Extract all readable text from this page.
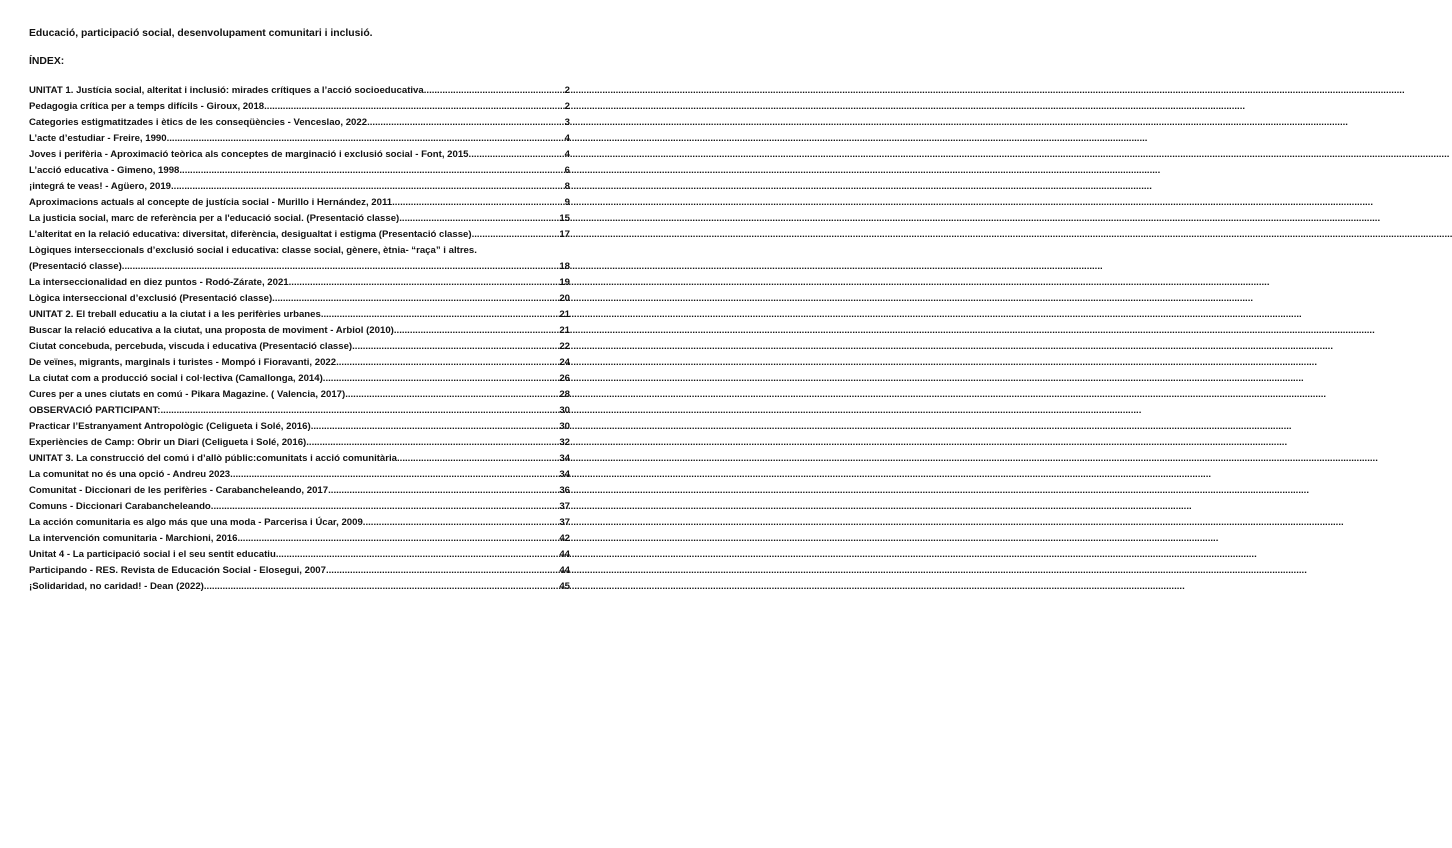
Educació, participació social, desenvolupament comunitari i inclusió.
ÍNDEX:
UNITAT 1. Justícia social, alteritat i inclusió: mirades crítiques a l’acció socioeducativa .....	2
Pedagogia crítica per a temps difícils - Giroux, 2018 .....	2
Categories estigmatitzades i ètics de les conseqüències - Venceslao, 2022 .....	3
L’acte d’estudiar - Freire, 1990 .....	4
Joves i perifèria - Aproximació teòrica als conceptes de marginació i exclusió social - Font, 2015 .....	4
L’acció educativa - Gimeno, 1998 .....	6
¡integrá te veas! - Agüero, 2019 .....	8
Aproximacions actuals al concepte de justícia social - Murillo i Hernández, 2011 .....	9
La justicia social, marc de referència per a l'educació social. (Presentació classe) .....	15
L’alteritat en la relació educativa: diversitat, diferència, desigualtat i estigma (Presentació classe) .....	17
Lògiques interseccionals d’exclusió social i educativa: classe social, gènere, ètnia- “raça” i altres.
(Presentació classe) .....	18
La interseccionalidad en diez puntos - Rodó-Zárate, 2021 .....	19
Lògica interseccional d’exclusió (Presentació classe) .....	20
UNITAT 2. El treball educatiu a la ciutat i a les perifèries urbanes .....	21
Buscar la relació educativa a la ciutat, una proposta de moviment - Arbiol (2010) .....	21
Ciutat concebuda, percebuda, viscuda i educativa (Presentació classe) .....	22
De veïnes, migrants, marginals i turistes - Mompó i Fioravanti, 2022 .....	24
La ciutat com a producció social i col·lectiva (Camallonga, 2014) .....	26
Cures per a unes ciutats en comú - Pikara Magazine. ( Valencia, 2017) .....	28
OBSERVACIÓ PARTICIPANT: .....	30
Practicar l’Estranyament Antropològic (Celigueta i Solé, 2016) .....	30
Experiències de Camp: Obrir un Diari (Celigueta i Solé, 2016) .....	32
UNITAT 3. La construcció del comú i d’allò públic:comunitats i acció comunitària .....	34
La comunitat no és una opció - Andreu 2023 .....	34
Comunitat - Diccionari de les perifèries - Carabancheleando, 2017 .....	36
Comuns - Diccionari Carabancheleando .....	37
La acción comunitaria es algo más que una moda - Parcerisa i Úcar, 2009 .....	37
La intervención comunitaria - Marchioni, 2016 .....	42
Unitat 4 - La participació social i el seu sentit educatiu .....	44
Participando - RES. Revista de Educación Social - Elosegui, 2007 .....	44
¡Solidaridad, no caridad! - Dean (2022) .....	45
